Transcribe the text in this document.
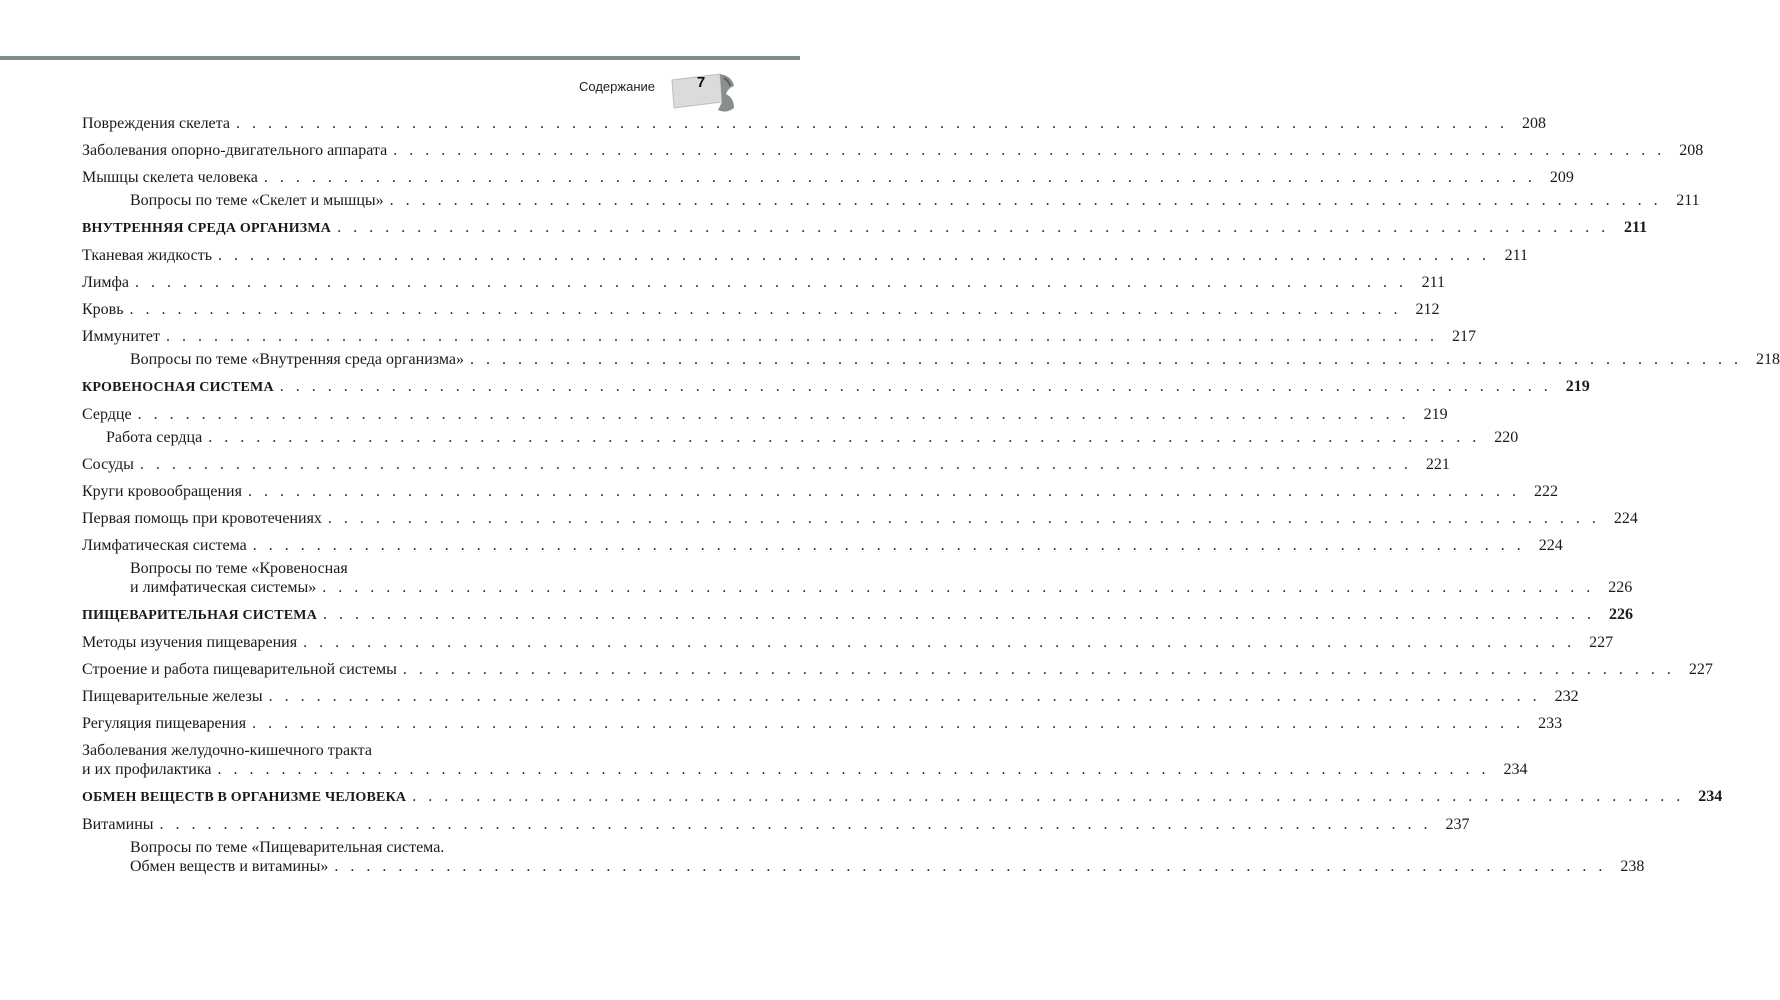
Содержание	7
Повреждения скелета . . . . . . . . . . . . . . . . . . . . . . . . . . . . . . . . . . . . . . . . . . . . . . . . . . . . . . . . . . . . . . . . . . . . . . . . . . . . . . . . 208
Заболевания опорно-двигательного аппарата . . . . . . . . . . . . . . . . . . . . . . . . . . . . . . . . . . . . . . . . . . . . . . . . . . . . . . . . . . . . . . . . . . . . . . . . . . . . . . . . 208
Мышцы скелета человека . . . . . . . . . . . . . . . . . . . . . . . . . . . . . . . . . . . . . . . . . . . . . . . . . . . . . . . . . . . . . . . . . . . . . . . . . . . . . . . . 209
Вопросы по теме «Скелет и мышцы» . . . . . . . . . . . . . . . . . . . . . . . . . . . . . . . . . . . . . . . . . . . . . . . . . . . . . . . . . . . . . . . . . . . . . . . . . . . . . . . . 211
ВНУТРЕННЯЯ СРЕДА ОРГАНИЗМА . . . . . . . . . . . . . . . . . . . . . . . . . . . . . . . . . . . . . . . . . . . . . . . . . . . . . . . . . . . . . . . . . . . . . . . . . . . . . . . . 211
Тканевая жидкость . . . . . . . . . . . . . . . . . . . . . . . . . . . . . . . . . . . . . . . . . . . . . . . . . . . . . . . . . . . . . . . . . . . . . . . . . . . . . . . . 211
Лимфа . . . . . . . . . . . . . . . . . . . . . . . . . . . . . . . . . . . . . . . . . . . . . . . . . . . . . . . . . . . . . . . . . . . . . . . . . . . . . . . . 211
Кровь . . . . . . . . . . . . . . . . . . . . . . . . . . . . . . . . . . . . . . . . . . . . . . . . . . . . . . . . . . . . . . . . . . . . . . . . . . . . . . . . 212
Иммунитет . . . . . . . . . . . . . . . . . . . . . . . . . . . . . . . . . . . . . . . . . . . . . . . . . . . . . . . . . . . . . . . . . . . . . . . . . . . . . . . . 217
Вопросы по теме «Внутренняя среда организма» . . . . . . . . . . . . . . . . . . . . . . . . . . . . . . . . . . . . . . . . . . . . . . . . . . . . . . . . . . . . . . . . . . . . . . . . . . . . . . . . 218
КРОВЕНОСНАЯ СИСТЕМА . . . . . . . . . . . . . . . . . . . . . . . . . . . . . . . . . . . . . . . . . . . . . . . . . . . . . . . . . . . . . . . . . . . . . . . . . . . . . . . . 219
Сердце . . . . . . . . . . . . . . . . . . . . . . . . . . . . . . . . . . . . . . . . . . . . . . . . . . . . . . . . . . . . . . . . . . . . . . . . . . . . . . . . 219
Работа сердца . . . . . . . . . . . . . . . . . . . . . . . . . . . . . . . . . . . . . . . . . . . . . . . . . . . . . . . . . . . . . . . . . . . . . . . . . . . . . . . . 220
Сосуды . . . . . . . . . . . . . . . . . . . . . . . . . . . . . . . . . . . . . . . . . . . . . . . . . . . . . . . . . . . . . . . . . . . . . . . . . . . . . . . . 221
Круги кровообращения . . . . . . . . . . . . . . . . . . . . . . . . . . . . . . . . . . . . . . . . . . . . . . . . . . . . . . . . . . . . . . . . . . . . . . . . . . . . . . . . 222
Первая помощь при кровотечениях . . . . . . . . . . . . . . . . . . . . . . . . . . . . . . . . . . . . . . . . . . . . . . . . . . . . . . . . . . . . . . . . . . . . . . . . . . . . . . . . 224
Лимфатическая система . . . . . . . . . . . . . . . . . . . . . . . . . . . . . . . . . . . . . . . . . . . . . . . . . . . . . . . . . . . . . . . . . . . . . . . . . . . . . . . . 224
Вопросы по теме «Кровеносная
и лимфатическая системы» . . . . . . . . . . . . . . . . . . . . . . . . . . . . . . . . . . . . . . . . . . . . . . . . . . . . . . . . . . . . . . . . . . . . . . . . . . . . . . . . 226
ПИЩЕВАРИТЕЛЬНАЯ СИСТЕМА . . . . . . . . . . . . . . . . . . . . . . . . . . . . . . . . . . . . . . . . . . . . . . . . . . . . . . . . . . . . . . . . . . . . . . . . . . . . . . . . 226
Методы изучения пищеварения . . . . . . . . . . . . . . . . . . . . . . . . . . . . . . . . . . . . . . . . . . . . . . . . . . . . . . . . . . . . . . . . . . . . . . . . . . . . . . . . 227
Строение и работа пищеварительной системы . . . . . . . . . . . . . . . . . . . . . . . . . . . . . . . . . . . . . . . . . . . . . . . . . . . . . . . . . . . . . . . . . . . . . . . . . . . . . . . . 227
Пищеварительные железы . . . . . . . . . . . . . . . . . . . . . . . . . . . . . . . . . . . . . . . . . . . . . . . . . . . . . . . . . . . . . . . . . . . . . . . . . . . . . . . . 232
Регуляция пищеварения . . . . . . . . . . . . . . . . . . . . . . . . . . . . . . . . . . . . . . . . . . . . . . . . . . . . . . . . . . . . . . . . . . . . . . . . . . . . . . . . 233
Заболевания желудочно-кишечного тракта
и их профилактика . . . . . . . . . . . . . . . . . . . . . . . . . . . . . . . . . . . . . . . . . . . . . . . . . . . . . . . . . . . . . . . . . . . . . . . . . . . . . . . . 234
ОБМЕН ВЕЩЕСТВ В ОРГАНИЗМЕ ЧЕЛОВЕКА . . . . . . . . . . . . . . . . . . . . . . . . . . . . . . . . . . . . . . . . . . . . . . . . . . . . . . . . . . . . . . . . . . . . . . . . . . . . . . . . 234
Витамины . . . . . . . . . . . . . . . . . . . . . . . . . . . . . . . . . . . . . . . . . . . . . . . . . . . . . . . . . . . . . . . . . . . . . . . . . . . . . . . . 237
Вопросы по теме «Пищеварительная система.
Обмен веществ и витамины» . . . . . . . . . . . . . . . . . . . . . . . . . . . . . . . . . . . . . . . . . . . . . . . . . . . . . . . . . . . . . . . . . . . . . . . . . . . . . . . . 238
